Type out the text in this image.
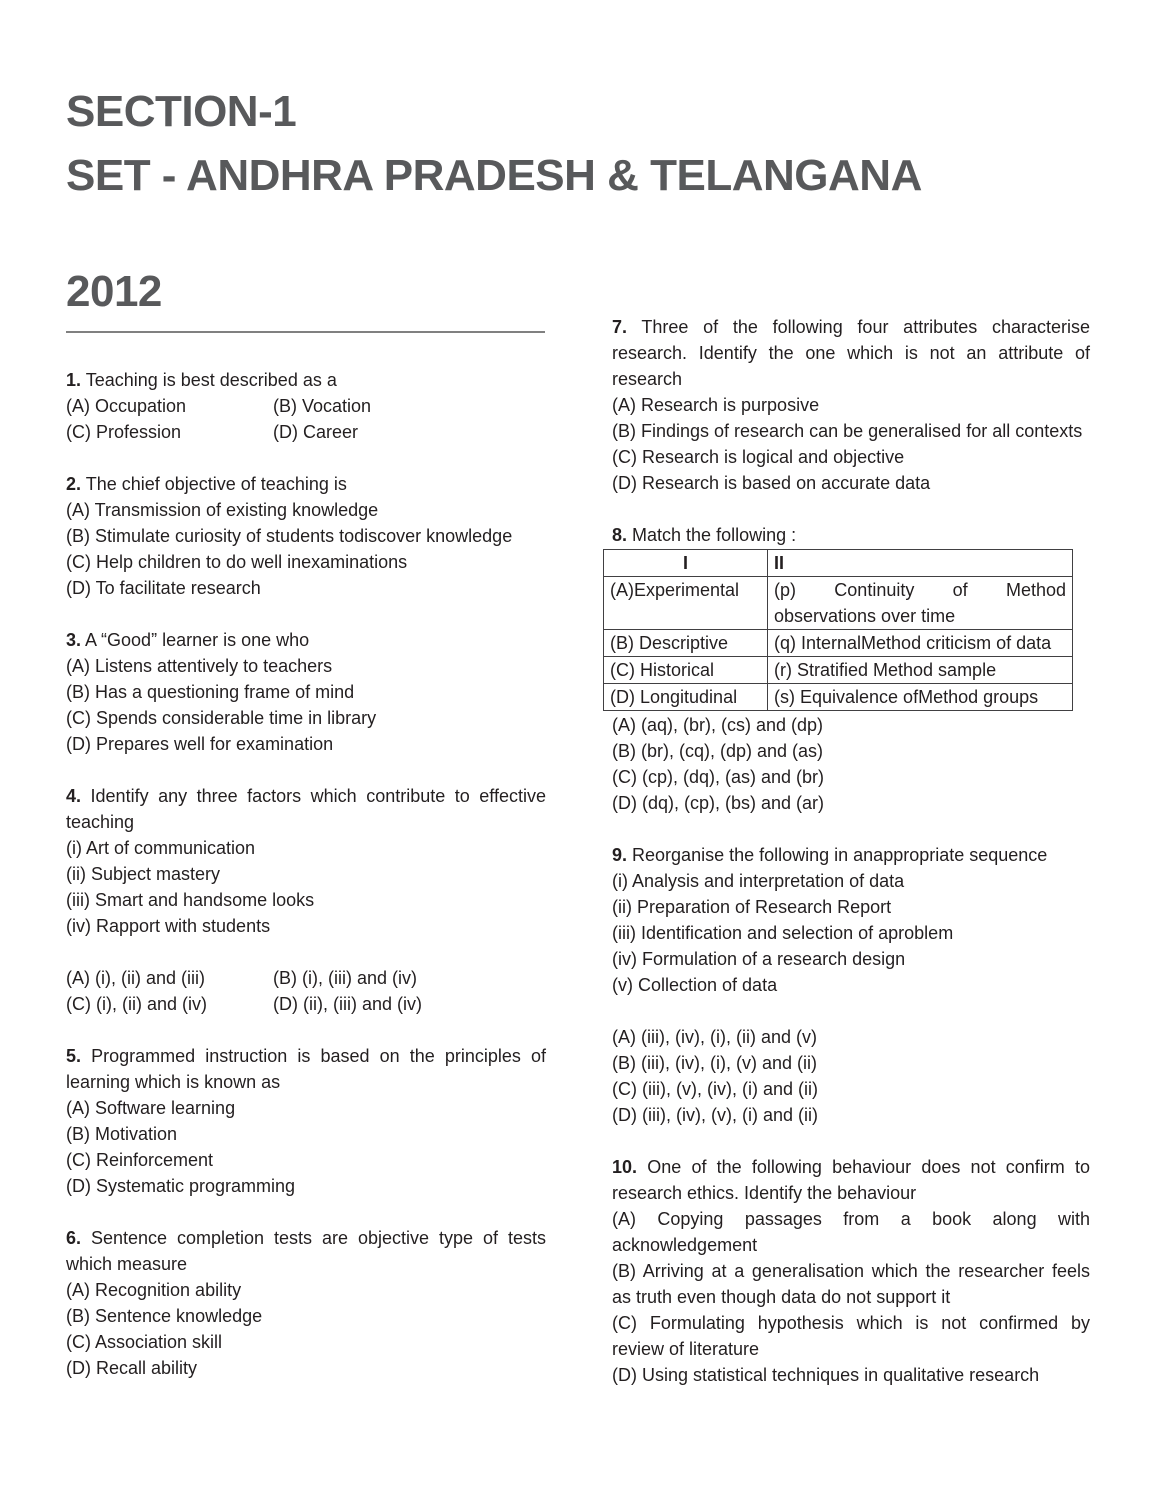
SECTION-1
SET - ANDHRA PRADESH & TELANGANA
2012

1. Teaching is best described as a

(A) Occupation	(B) Vocation
(C) Profession	(D) Career

2. The chief objective of teaching is

(A) Transmission of existing knowledge

(B) Stimulate curiosity of students todiscover knowledge

(C) Help children to do well inexaminations

(D) To facilitate research

3. A “Good” learner is one who

(A) Listens attentively to teachers

(B) Has a questioning frame of mind

(C) Spends considerable time in library

(D) Prepares well for examination

4. Identify any three factors which contribute to effective teaching

(i) Art of communication

(ii) Subject mastery

(iii) Smart and handsome looks

(iv) Rapport with students

(A) (i), (ii) and (iii)	(B) (i), (iii) and (iv)
(C) (i), (ii) and (iv)	(D) (ii), (iii) and (iv)

5. Programmed instruction is based on the principles of learning which is known as

(A) Software learning

(B) Motivation

(C) Reinforcement

(D) Systematic programming

6. Sentence completion tests are objective type of tests which measure

(A) Recognition ability

(B) Sentence knowledge

(C) Association skill

(D) Recall ability

7. Three of the following four attributes characterise research. Identify the one which is not an attribute of research

(A) Research is purposive

(B) Findings of research can be generalised for all contexts

(C) Research is logical and objective

(D) Research is based on accurate data

8. Match the following :

I	II
(A)Experimental	(p) Continuity of Method observations over time
(B) Descriptive	(q) InternalMethod criticism of data
(C) Historical	(r) Stratified Method sample
(D) Longitudinal	(s) Equivalence ofMethod groups

(A) (aq), (br), (cs) and (dp)

(B) (br), (cq), (dp) and (as)

(C) (cp), (dq), (as) and (br)

(D) (dq), (cp), (bs) and (ar)

9. Reorganise the following in anappropriate sequence

(i) Analysis and interpretation of data

(ii) Preparation of Research Report

(iii) Identification and selection of aproblem

(iv) Formulation of a research design

(v) Collection of data

(A) (iii), (iv), (i), (ii) and (v)

(B) (iii), (iv), (i), (v) and (ii)

(C) (iii), (v), (iv), (i) and (ii)

(D) (iii), (iv), (v), (i) and (ii)

10. One of the following behaviour does not confirm to research ethics. Identify the behaviour

(A) Copying passages from a book along with acknowledgement

(B) Arriving at a generalisation which the researcher feels as truth even though data do not support it

(C) Formulating hypothesis which is not confirmed by review of literature

(D) Using statistical techniques in qualitative research
